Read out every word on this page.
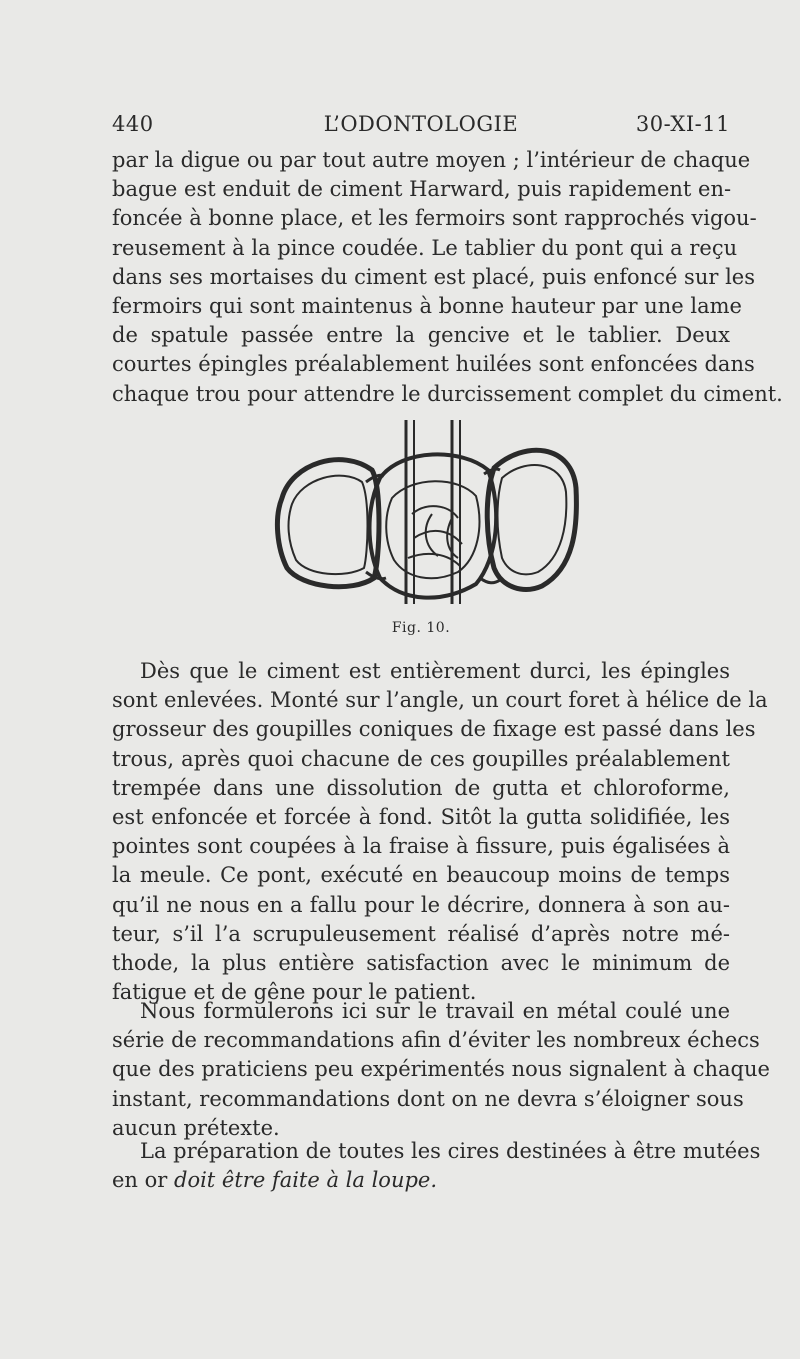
440	L’ODONTOLOGIE	30-XI-11
par la digue ou par tout autre moyen ; l’intérieur de chaque
bague est enduit de ciment Harward, puis rapidement en-
foncée à bonne place, et les fermoirs sont rapprochés vigou-
reusement à la pince coudée. Le tablier du pont qui a reçu
dans ses mortaises du ciment est placé, puis enfoncé sur les
fermoirs qui sont maintenus à bonne hauteur par une lame
de spatule passée entre la gencive et le tablier. Deux
courtes épingles préalablement huilées sont enfoncées dans
chaque trou pour attendre le durcissement complet du ciment.
Fig. 10.
Dès que le ciment est entièrement durci, les épingles
sont enlevées. Monté sur l’angle, un court foret à hélice de la
grosseur des goupilles coniques de fixage est passé dans les
trous, après quoi chacune de ces goupilles préalablement
trempée dans une dissolution de gutta et chloroforme,
est enfoncée et forcée à fond. Sitôt la gutta solidifiée, les
pointes sont coupées à la fraise à fissure, puis égalisées à
la meule. Ce pont, exécuté en beaucoup moins de temps
qu’il ne nous en a fallu pour le décrire, donnera à son au-
teur, s’il l’a scrupuleusement réalisé d’après notre mé-
thode, la plus entière satisfaction avec le minimum de
fatigue et de gêne pour le patient.
Nous formulerons ici sur le travail en métal coulé une
série de recommandations afin d’éviter les nombreux échecs
que des praticiens peu expérimentés nous signalent à chaque
instant, recommandations dont on ne devra s’éloigner sous
aucun prétexte.
La préparation de toutes les cires destinées à être mutées
en or doit être faite à la loupe.
